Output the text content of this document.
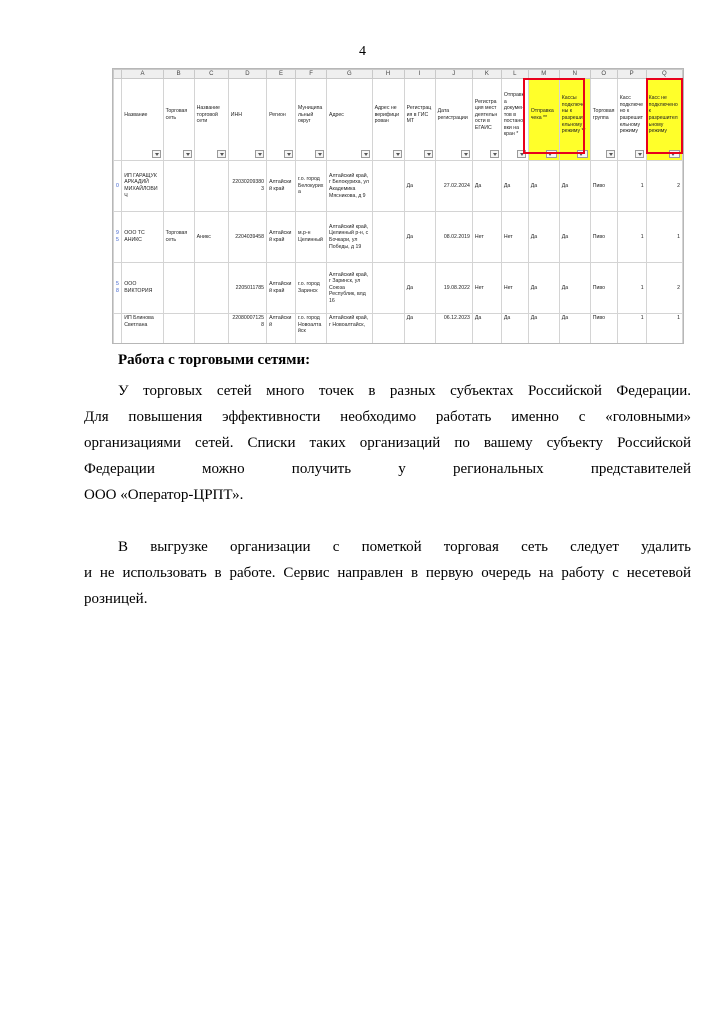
4
	A	B	C	D	E	F	G	H	I	J	K	L	M	N	O	P	Q
	Название	Торговая сеть	Название торговой сети	ИНН	Регион	Муниципальный округ	Адрес	Адрес не верифицирован	Регистрация в ГИС МТ	Дата регистрации	Регистрация мест деятельности в ЕГАИС	Отправка документов в постановки на кран *	Отправка чека **	Кассы подключены к разрешительному режиму **	Торговая группа	Касс подключено к разрешительному режиму	Касс не подключено к разрешительному режиму

0	ИП ГАРАЩУК АРКАДИЙ МИХАЙЛОВИЧ			220302093803	Алтайский край	г.о. город Белокуриха	Алтайский край, г Белокуриха, ул Академика Мясникова, д 9		Да	27.02.2024	Да	Да	Да	Да	Пиво	1	2
95	ООО ТС АНИКС	Торговая сеть	Аникс	2204039458	Алтайский край	м.р-н Целинный	Алтайский край, Целинный р-н, с Бочкари, ул Победы, д 19		Да	08.02.2019	Нет	Нет	Да	Да	Пиво	1	1
58	ООО ВИКТОРИЯ			2205011785	Алтайский край	г.о. город Заринск	Алтайский край, г Заринск, ул Союза Республик, влд 16		Да	19.08.2022	Нет	Нет	Да	Да	Пиво	1	2
	ИП Блинова Светлана			220800071258	Алтайский	г.о. город Новоалтайск	Алтайский край, г Новоалтайск,		Да	06.12.2023	Да	Да	Да	Да	Пиво	1	1
Работа с торговыми сетями:
У торговых сетей много точек в разных субъектах Российской Федерации.
Для повышения эффективности необходимо работать именно с «головными»
организациями сетей. Списки таких организаций по вашему субъекту Российской
Федерации можно получить у региональных представителей
ООО «Оператор-ЦРПТ».
В выгрузке организации с пометкой торговая сеть следует удалить
и не использовать в работе. Сервис направлен в первую очередь на работу с несетевой
розницей.
